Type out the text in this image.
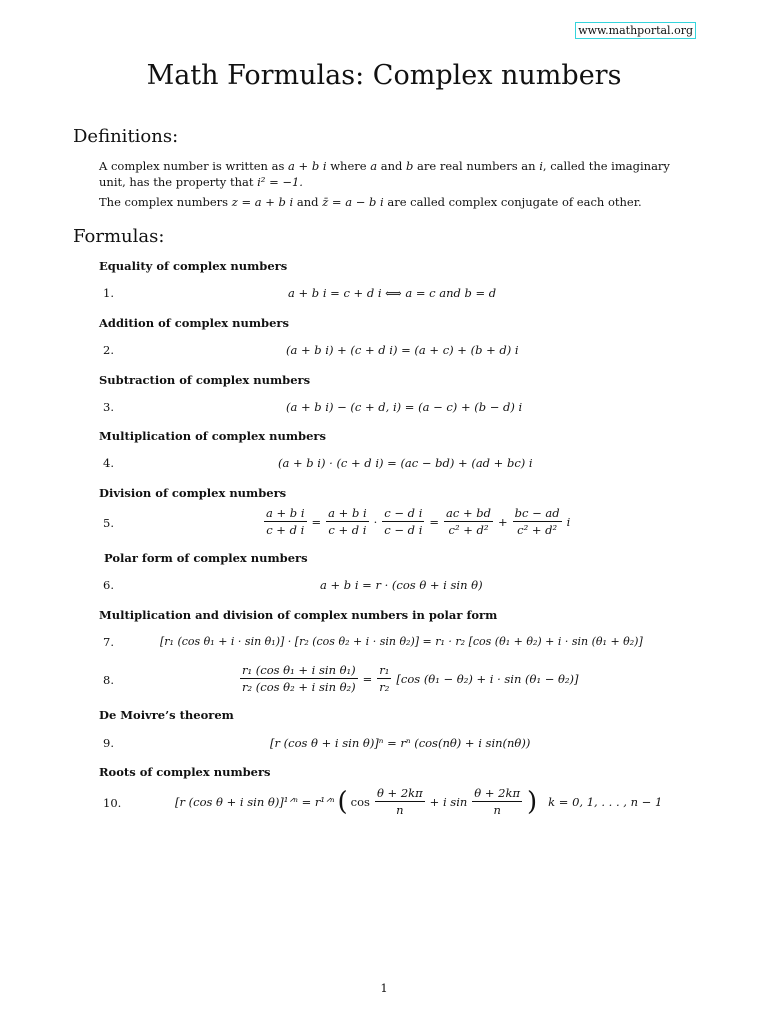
www.mathportal.org
Math Formulas: Complex numbers
Definitions:

A complex number is written as a + b i where a and b are real numbers an i, called the imaginary unit, has the property that i² = −1.

The complex numbers z = a + b i and z̄ = a − b i are called complex conjugate of each other.

Formulas:
Equality of complex numbers
1.	a + b i = c + d i ⟺ a = c and b = d
Addition of complex numbers
2.	(a + b i) + (c + d i) = (a + c) + (b + d) i
Subtraction of complex numbers
3.	(a + b i) − (c + d, i) = (a − c) + (b − d) i
Multiplication of complex numbers
4.	(a + b i) · (c + d i) = (ac − bd) + (ad + bc) i
Division of complex numbers
5.	$\frac{\text{a + b i}}{\text{c + d i}} = \frac{\text{a + b i}}{\text{c + d i}} \cdot \frac{\text{c − d i}}{\text{c − d i}} = \frac{ac + bd}{\text{c² + d²}} + \frac{bc - ad}{\text{c² + d²}}$ i
Polar form of complex numbers
6.	a + b i = r · (cos θ + i sin θ)
Multiplication and division of complex numbers in polar form
7.	[r₁ (cos θ₁ + i · sin θ₁)] · [r₂ (cos θ₂ + i · sin θ₂)] = r₁ · r₂ [cos (θ₁ + θ₂) + i · sin (θ₁ + θ₂)]
8.	$\frac{\text{r₁ (cos θ₁ + i sin θ₁)}}{\text{r₂ (cos θ₂ + i sin θ₂)}} = \frac{\text{r₁}}{\text{r₂}} [\cos$ (θ₁ − θ₂) + i · sin (θ₁ − θ₂)]
De Moivre’s theorem
9.	[r (cos θ + i sin θ)]ⁿ = rⁿ (cos(nθ) + i sin(nθ))
Roots of complex numbers
10.	[r (cos θ + i sin θ)]¹ᐟⁿ = r¹ᐟⁿ ( $\cos \frac{\theta + 2k\pi}{n} + i$ $\sin \frac{\theta + 2k\pi}{n}$ ) k = 0, 1, . . . , n − 1
1
